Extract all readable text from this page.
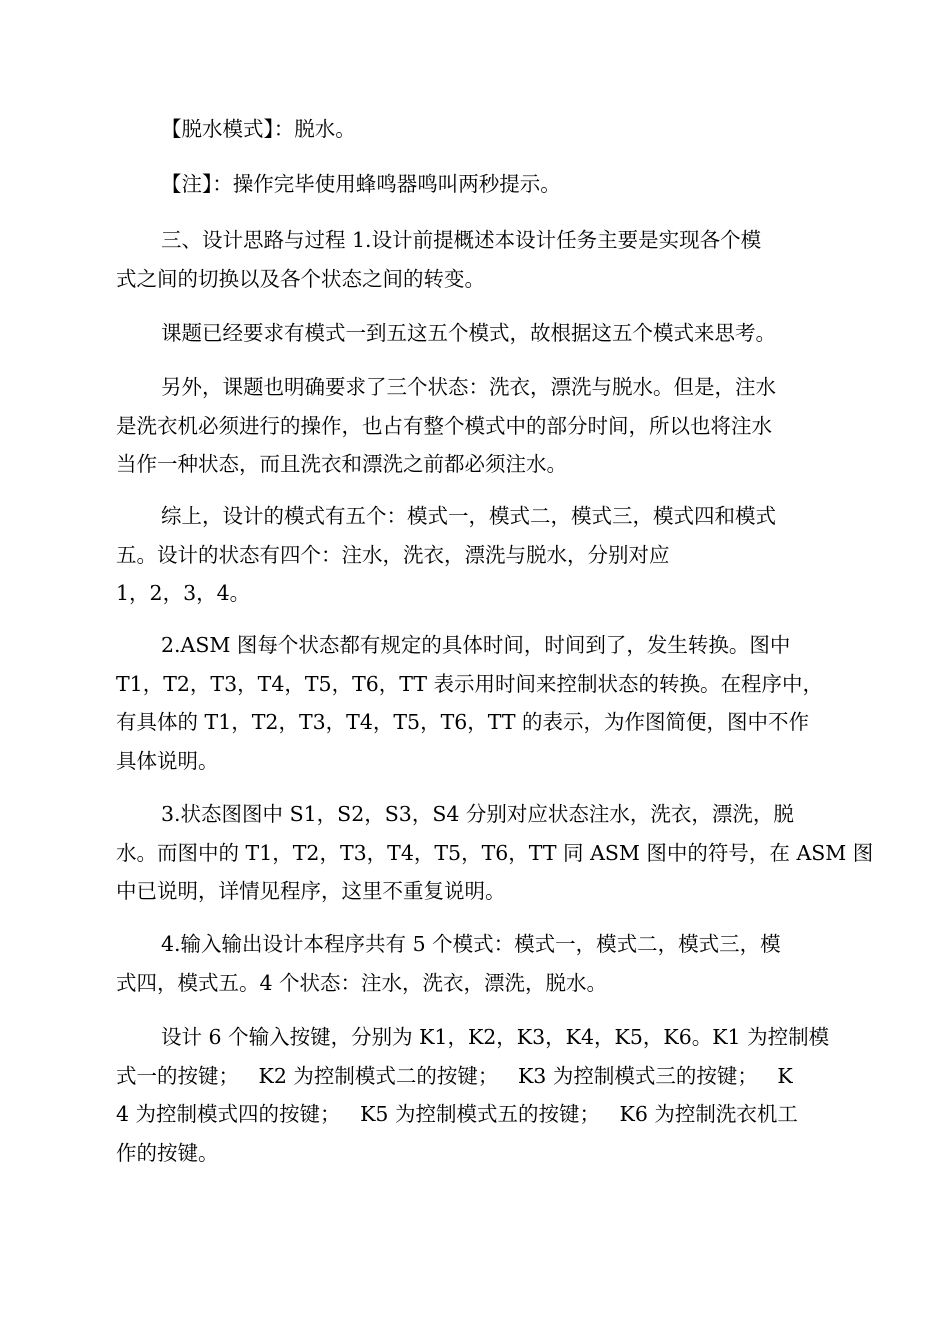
【脱水模式】：脱水。
【注】：操作完毕使用蜂鸣器鸣叫两秒提示。
三、设计思路与过程 1.设计前提概述本设计任务主要是实现各个模
式之间的切换以及各个状态之间的转变。
课题已经要求有模式一到五这五个模式，故根据这五个模式来思考。
另外，课题也明确要求了三个状态：洗衣，漂洗与脱水。但是，注水
是洗衣机必须进行的操作，也占有整个模式中的部分时间，所以也将注水
当作一种状态，而且洗衣和漂洗之前都必须注水。
综上，设计的模式有五个：模式一，模式二，模式三，模式四和模式
五。设计的状态有四个：注水，洗衣，漂洗与脱水，分别对应
1，2，3，4。
2.ASM 图每个状态都有规定的具体时间，时间到了，发生转换。图中
T1，T2，T3，T4，T5，T6，TT 表示用时间来控制状态的转换。在程序中，
有具体的 T1，T2，T3，T4，T5，T6，TT 的表示，为作图简便，图中不作
具体说明。
3.状态图图中 S1，S2，S3，S4 分别对应状态注水，洗衣，漂洗，脱
水。而图中的 T1，T2，T3，T4，T5，T6，TT 同 ASM 图中的符号，在 ASM 图
中已说明，详情见程序，这里不重复说明。
4.输入输出设计本程序共有 5 个模式：模式一，模式二，模式三，模
式四，模式五。4 个状态：注水，洗衣，漂洗，脱水。
设计 6 个输入按键，分别为 K1，K2，K3，K4，K5，K6。K1 为控制模
式一的按键；   K2 为控制模式二的按键；   K3 为控制模式三的按键；   K
4 为控制模式四的按键；   K5 为控制模式五的按键；   K6 为控制洗衣机工
作的按键。
